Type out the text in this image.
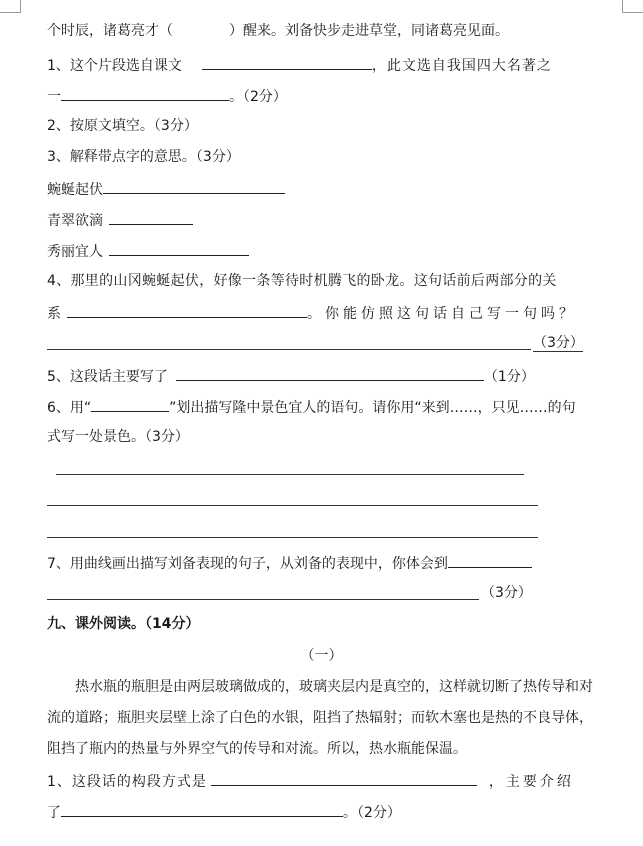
个时辰，诸葛亮才（	）醒来。刘备快步走进草堂，同诸葛亮见面。
1、这个片段选自课文	，此文选自我国四大名著之
一	。（2分）
2、按原文填空。（3分）
3、解释带点字的意思。（3分）
蜿蜒起伏
青翠欲滴
秀丽宜人
4、那里的山冈蜿蜒起伏，好像一条等待时机腾飞的卧龙。这句话前后两部分的关
系	。你能仿照这句话自己写一句吗？
（3分）
5、这段话主要写了	（1分）
6、用“	”划出描写隆中景色宜人的语句。请你用“来到……，只见……的句
式写一处景色。（3分）
7、用曲线画出描写刘备表现的句子，从刘备的表现中，你体会到
（3分）
九、课外阅读。（14分）
（一）
热水瓶的瓶胆是由两层玻璃做成的，玻璃夹层内是真空的，这样就切断了热传导和对
流的道路；瓶胆夹层壁上涂了白色的水银，阻挡了热辐射；而软木塞也是热的不良导体，
阻挡了瓶内的热量与外界空气的传导和对流。所以，热水瓶能保温。
1、这段话的构段方式是	，主要介绍
了	。（2分）
